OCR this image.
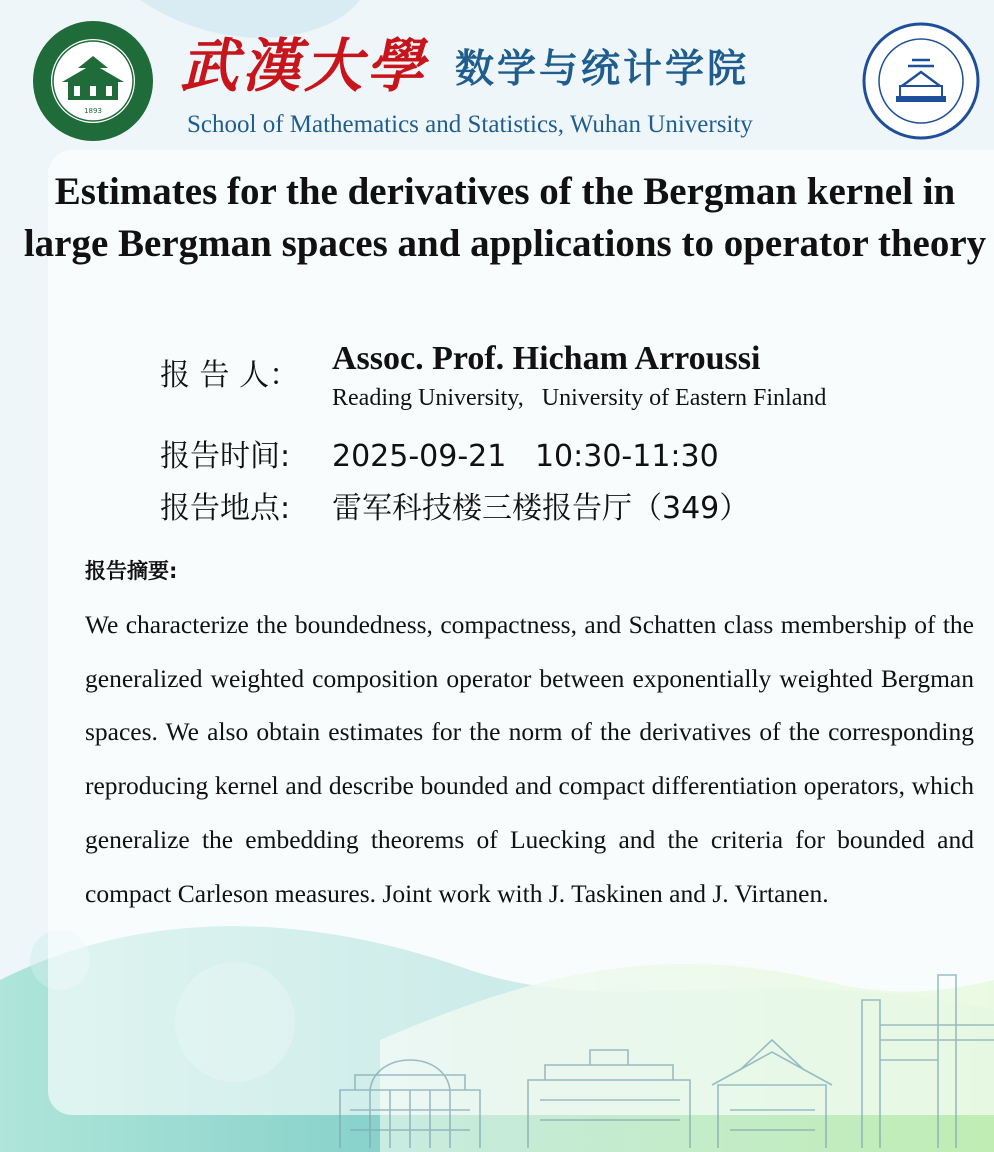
1893
武漢大學 数学与统计学院
School of Mathematics and Statistics, Wuhan University
Estimates for the derivatives of the Bergman kernel in large Bergman spaces and applications to operator theory
报 告 人： Assoc. Prof. Hicham Arroussi
Reading University,   University of Eastern Finland
报告时间: 2025-09-21   10:30-11:30
报告地点: 雷军科技楼三楼报告厅（349）
报告摘要:
We characterize the boundedness, compactness, and Schatten class membership of the generalized weighted composition operator between exponentially weighted Bergman spaces. We also obtain estimates for the norm of the derivatives of the corresponding reproducing kernel and describe bounded and compact differentiation operators, which generalize the embedding theorems of Luecking and the criteria for bounded and compact Carleson measures. Joint work with J. Taskinen and J. Virtanen.
